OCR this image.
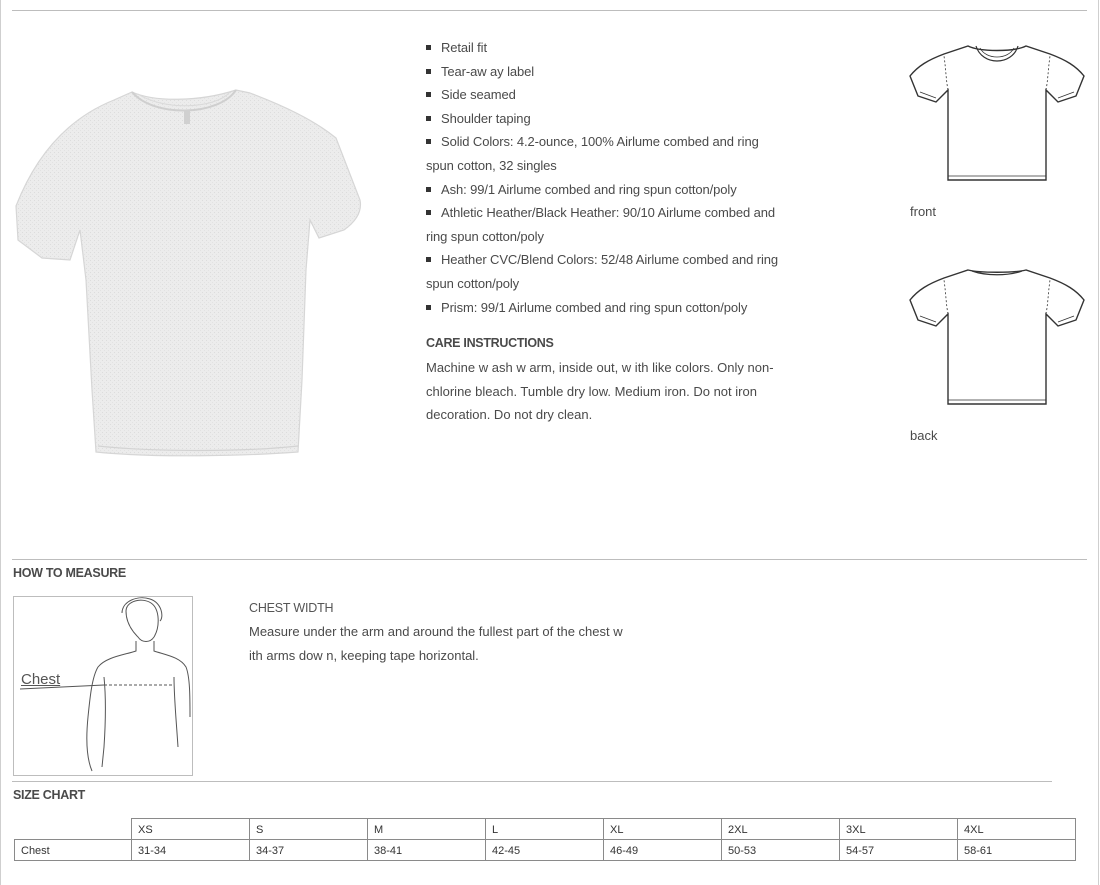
Retail fit
Tear-aw ay label
Side seamed
Shoulder taping
Solid Colors: 4.2-ounce, 100% Airlume combed and ring
spun cotton, 32 singles
Ash: 99/1 Airlume combed and ring spun cotton/poly
Athletic Heather/Black Heather: 90/10 Airlume combed and
ring spun cotton/poly
Heather CVC/Blend Colors: 52/48 Airlume combed and ring
spun cotton/poly
Prism: 99/1 Airlume combed and ring spun cotton/poly
CARE INSTRUCTIONS
Machine w ash w arm, inside out, w ith like colors. Only non-chlorine bleach. Tumble dry low. Medium iron. Do not iron decoration. Do not dry clean.
front
back
HOW TO MEASURE
Chest
CHEST WIDTH
Measure under the arm and around the fullest part of the chest w ith arms dow n, keeping tape horizontal.
SIZE CHART
	XS	S	M	L	XL	2XL	3XL	4XL
Chest	31-34	34-37	38-41	42-45	46-49	50-53	54-57	58-61
